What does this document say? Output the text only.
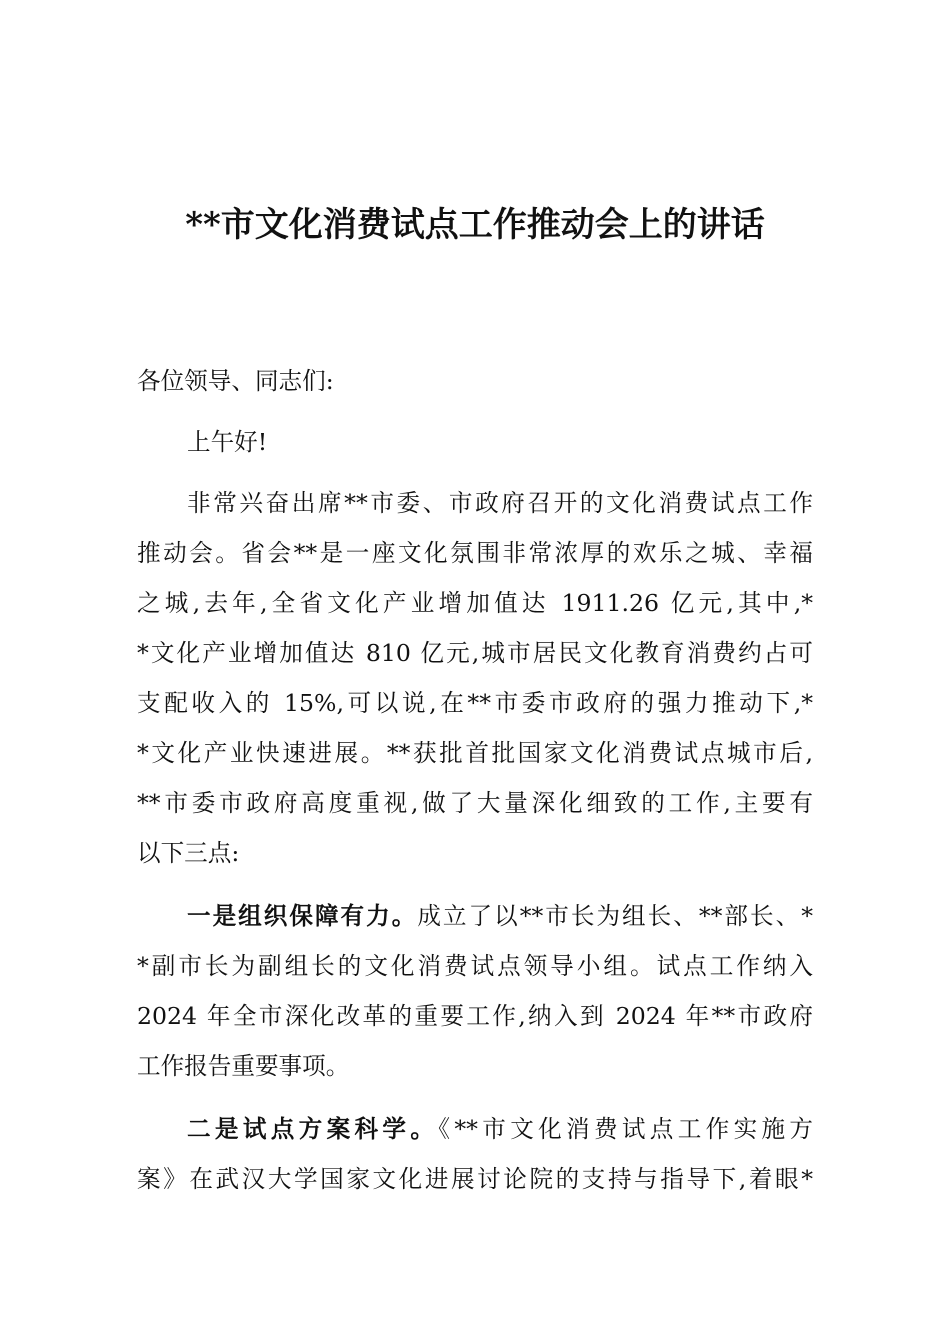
**市文化消费试点工作推动会上的讲话
各位领导、同志们:
上午好!
非常兴奋出席**市委、市政府召开的文化消费试点工作
推动会。省会**是一座文化氛围非常浓厚的欢乐之城、幸福
之城,去年,全省文化产业增加值达 1911.26 亿元,其中,*
*文化产业增加值达 810 亿元,城市居民文化教育消费约占可
支配收入的 15%,可以说,在**市委市政府的强力推动下,*
*文化产业快速进展。**获批首批国家文化消费试点城市后,
**市委市政府高度重视,做了大量深化细致的工作,主要有
以下三点:
一是组织保障有力。成立了以**市长为组长、**部长、*
*副市长为副组长的文化消费试点领导小组。试点工作纳入
2024 年全市深化改革的重要工作,纳入到 2024 年**市政府
工作报告重要事项。
二是试点方案科学。《**市文化消费试点工作实施方
案》在武汉大学国家文化进展讨论院的支持与指导下,着眼*
